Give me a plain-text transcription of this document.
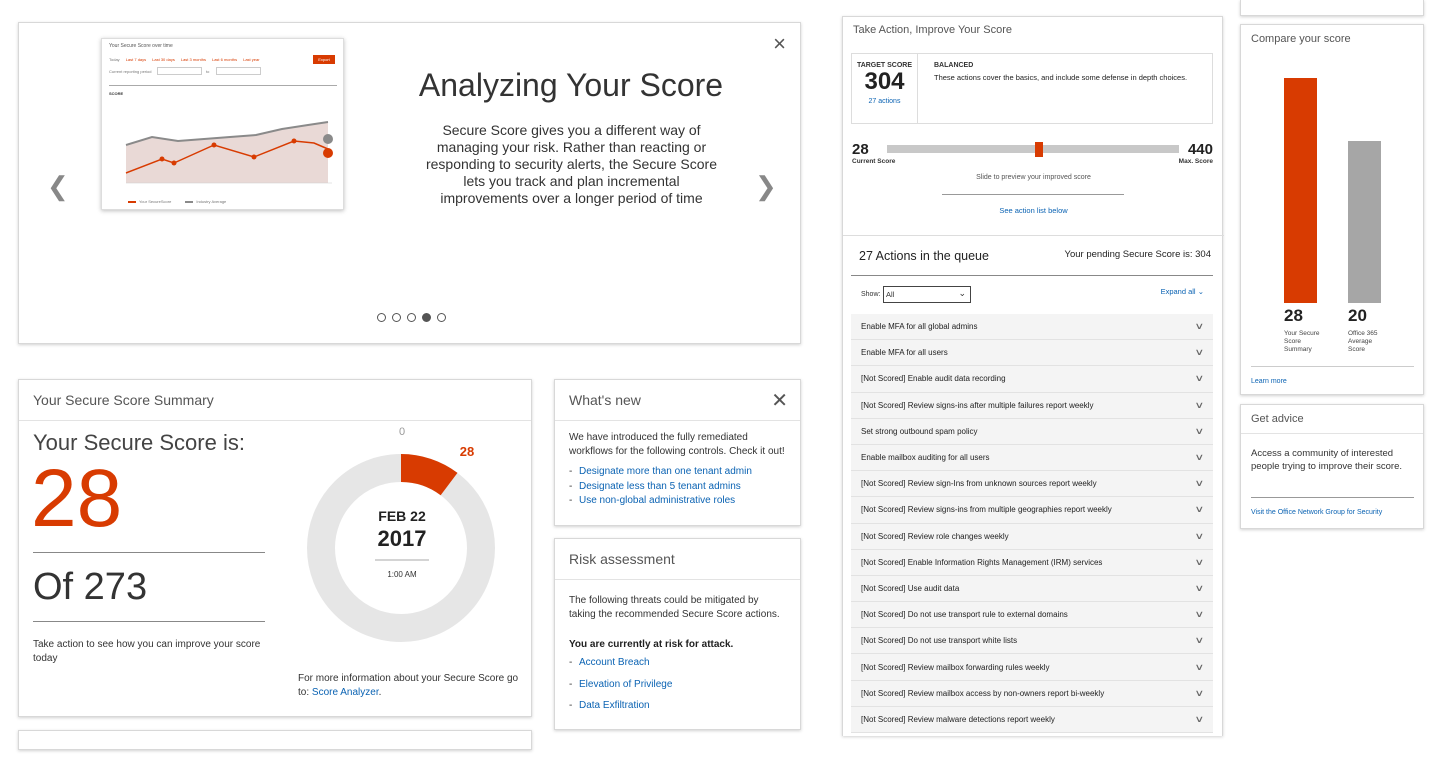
×
❮	❯
Your Secure Score over time
Today Last 7 days Last 30 days Last 3 months Last 6 months Last year	Export
Current reporting period	to
SCORE
Your SecureScore	Industry Average
Analyzing Your Score
Secure Score gives you a different way of managing your risk. Rather than reacting or responding to security alerts, the Secure Score lets you track and plan incremental improvements over a longer period of time
Your Secure Score Summary
Your Secure Score is:
28
Of 273
Take action to see how you can improve your score today
0
28
FEB 22
2017
1:00 AM
For more information about your Secure Score go to: Score Analyzer.
What's new	✕
We have introduced the fully remediated workflows for the following controls. Check it out!
- Designate more than one tenant admin
- Designate less than 5 tenant admins
- Use non-global administrative roles
Risk assessment
The following threats could be mitigated by taking the recommended Secure Score actions.
You are currently at risk for attack.
- Account Breach
- Elevation of Privilege
- Data Exfiltration
Take Action, Improve Your Score
TARGET SCORE
304
27 actions
BALANCED
These actions cover the basics, and include some defense in depth choices.
28
Current Score
440
Max. Score
Slide to preview your improved score
See action list below
27 Actions in the queue	Your pending Secure Score is: 304
Show: All	⌄	Expand all ⌄
Enable MFA for all global admins	∨
Enable MFA for all users	∨
[Not Scored] Enable audit data recording	∨
[Not Scored] Review signs-ins after multiple failures report weekly	∨
Set strong outbound spam policy	∨
Enable mailbox auditing for all users	∨
[Not Scored] Review sign-Ins from unknown sources report weekly	∨
[Not Scored] Review signs-ins from multiple geographies report weekly	∨
[Not Scored] Review role changes weekly	∨
[Not Scored] Enable Information Rights Management (IRM) services	∨
[Not Scored] Use audit data	∨
[Not Scored] Do not use transport rule to external domains	∨
[Not Scored] Do not use transport white lists	∨
[Not Scored] Review mailbox forwarding rules weekly	∨
[Not Scored] Review mailbox access by non-owners report bi-weekly	∨
[Not Scored] Review malware detections report weekly	∨
Compare your score
28
Your Secure Score Summary
20
Office 365 Average Score
Learn more
Get advice
Access a community of interested people trying to improve their score.
Visit the Office Network Group for Security
